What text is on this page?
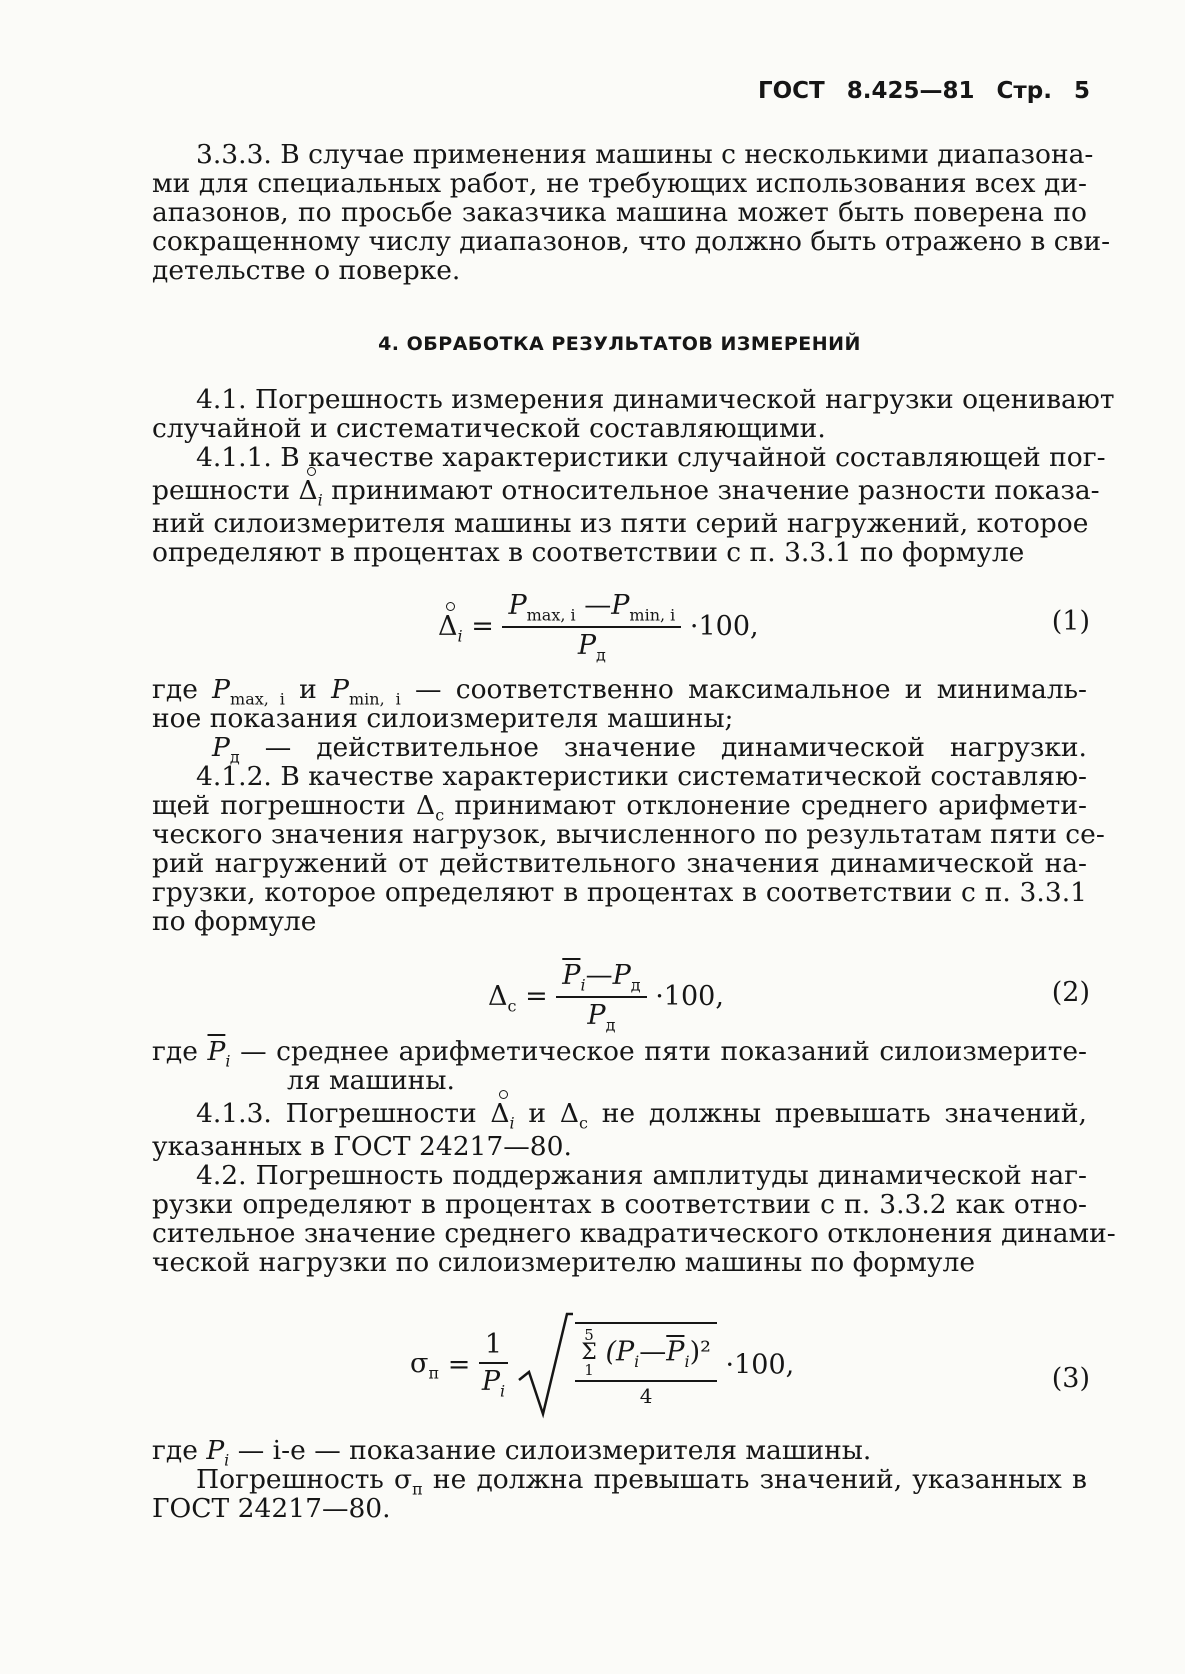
ГОСТ 8.425—81 Стр. 5
3.3.3. В случае применения машины с несколькими диапазона-
ми для специальных работ, не требующих использования всех ди-
апазонов, по просьбе заказчика машина может быть поверена по
сокращенному числу диапазонов, что должно быть отражено в сви-
детельстве о поверке.
4. ОБРАБОТКА РЕЗУЛЬТАТОВ ИЗМЕРЕНИЙ
4.1. Погрешность измерения динамической нагрузки оценивают
случайной и систематической составляющими.
4.1.1. В качестве характеристики случайной составляющей пог-
решности $\Delta_i$ принимают относительное значение разности показа-
ний силоизмерителя машины из пяти серий нагружений, которое
определяют в процентах в соответствии с п. 3.3.1 по формуле
$\Delta_i = \frac{P_{max, i} —P_{min, i}}{P_д} \cdot 100$,	(1)
где $P_{max, i}$ и $P_{min, i}$ — соответственно максимальное и минималь-
ное показания силоизмерителя машины;
$P_д$ — действительное значение динамической нагрузки.
4.1.2. В качестве характеристики систематической составляю-
щей погрешности $\Delta_c$ принимают отклонение среднего арифмети-
ческого значения нагрузок, вычисленного по результатам пяти се-
рий нагружений от действительного значения динамической на-
грузки, которое определяют в процентах в соответствии с п. 3.3.1
по формуле
$\Delta_c = \frac{\overline{P}_i—P_д}{P_д} \cdot 100$,	(2)
где $\overline{P}_i$ — среднее арифметическое пяти показаний силоизмерите-
ля машины.
4.1.3. Погрешности $\Delta_i$ и $\Delta_c$ не должны превышать значений,
указанных в ГОСТ 24217—80.
4.2. Погрешность поддержания амплитуды динамической наг-
рузки определяют в процентах в соответствии с п. 3.3.2 как отно-
сительное значение среднего квадратического отклонения динами-
ческой нагрузки по силоизмерителю машины по формуле
$\sigma_п = \frac{1}{P_i}$
	5
Σ
1
$(P_i—\overline{P}_i)^2$
4 ·100,	(3)
где $P_i$ — i-е — показание силоизмерителя машины.
Погрешность $\sigma_п$ не должна превышать значений, указанных в
ГОСТ 24217—80.
